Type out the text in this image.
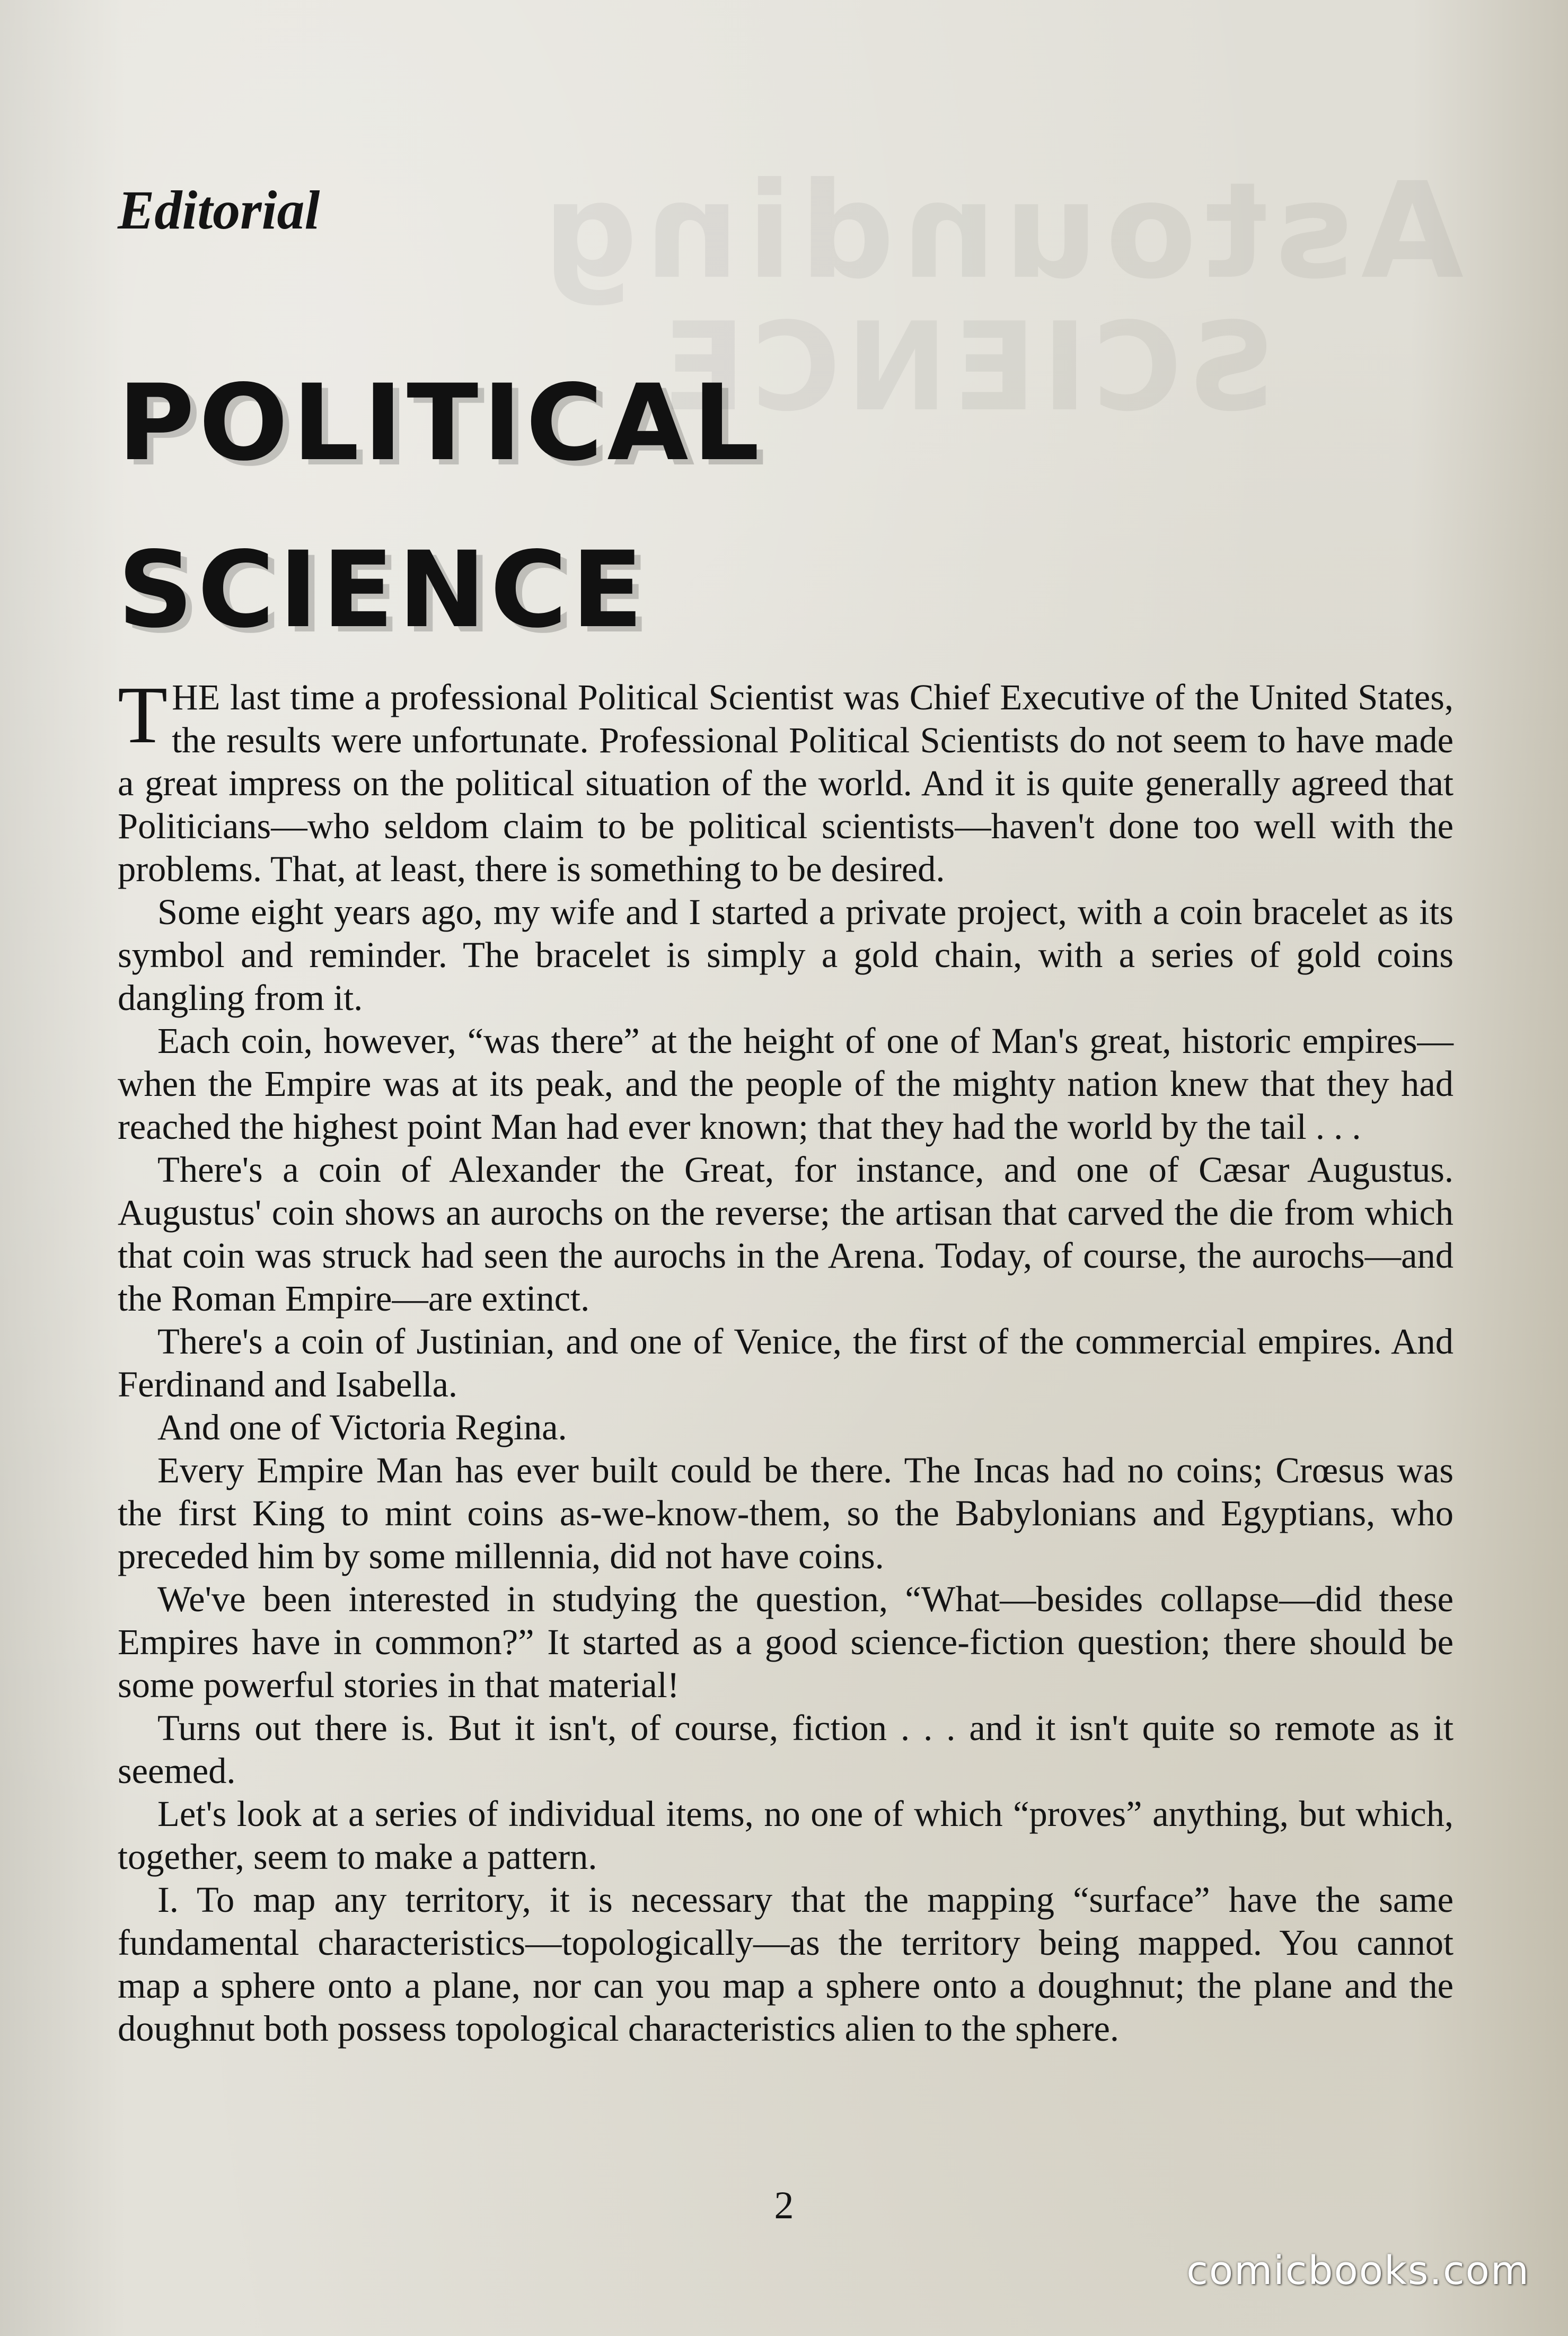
Astounding
SCIENCE
Editorial
POLITICAL
SCIENCE

THE last time a professional Political Scientist was Chief Executive of the United States, the results were unfortunate. Professional Political Scientists do not seem to have made a great impress on the political situation of the world. And it is quite generally agreed that Politicians—who seldom claim to be political scientists—haven't done too well with the problems. That, at least, there is something to be desired.

Some eight years ago, my wife and I started a private project, with a coin bracelet as its symbol and reminder. The bracelet is simply a gold chain, with a series of gold coins dangling from it.

Each coin, however, “was there” at the height of one of Man's great, historic empires—when the Empire was at its peak, and the people of the mighty nation knew that they had reached the highest point Man had ever known; that they had the world by the tail . . .

There's a coin of Alexander the Great, for instance, and one of Cæsar Augustus. Augustus' coin shows an aurochs on the reverse; the artisan that carved the die from which that coin was struck had seen the aurochs in the Arena. Today, of course, the aurochs—and the Roman Empire—are extinct.

There's a coin of Justinian, and one of Venice, the first of the commercial empires. And Ferdinand and Isabella.

And one of Victoria Regina.

Every Empire Man has ever built could be there. The Incas had no coins; Crœsus was the first King to mint coins as-we-know-them, so the Babylonians and Egyptians, who preceded him by some millennia, did not have coins.

We've been interested in studying the question, “What—besides collapse—did these Empires have in common?” It started as a good science-fiction question; there should be some powerful stories in that material!

Turns out there is. But it isn't, of course, fiction . . . and it isn't quite so remote as it seemed.

Let's look at a series of individual items, no one of which “proves” anything, but which, together, seem to make a pattern.

I. To map any territory, it is necessary that the mapping “surface” have the same fundamental characteristics—topologically—as the territory being mapped. You cannot map a sphere onto a plane, nor can you map a sphere onto a doughnut; the plane and the doughnut both possess topological characteristics alien to the sphere.

2

comicbooks.com
